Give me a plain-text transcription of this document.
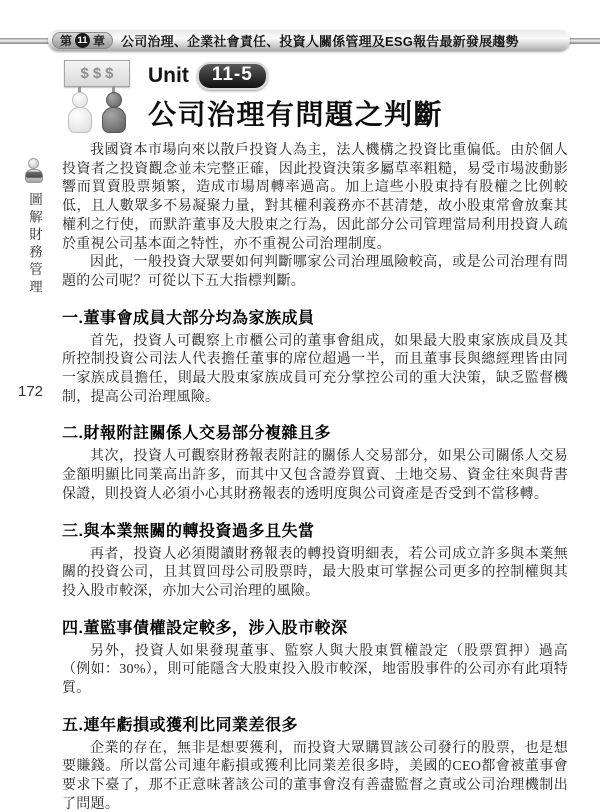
第 11 章 公司治理、企業社會責任、投資人關係管理及ESG報告最新發展趨勢
圖解財務管理
172
$$$	Unit	11-5
公司治理有問題之判斷

我國資本市場向來以散戶投資人為主，法人機構之投資比重偏低。由於個人投資者之投資觀念並未完整正確，因此投資決策多屬草率粗糙，易受市場波動影響而買賣股票頻繁，造成市場周轉率過高。加上這些小股東持有股權之比例較低，且人數眾多不易凝聚力量，對其權利義務亦不甚清楚，故小股東常會放棄其權利之行使，而默許董事及大股東之行為，因此部分公司管理當局利用投資人疏於重視公司基本面之特性，亦不重視公司治理制度。

因此，一般投資大眾要如何判斷哪家公司治理風險較高，或是公司治理有問題的公司呢？可從以下五大指標判斷。

一.董事會成員大部分均為家族成員

首先，投資人可觀察上市櫃公司的董事會組成，如果最大股東家族成員及其所控制投資公司法人代表擔任董事的席位超過一半，而且董事長與總經理皆由同一家族成員擔任，則最大股東家族成員可充分掌控公司的重大決策，缺乏監督機制，提高公司治理風險。

二.財報附註關係人交易部分複雜且多

其次，投資人可觀察財務報表附註的關係人交易部分，如果公司關係人交易金額明顯比同業高出許多，而其中又包含證券買賣、土地交易、資金往來與背書保證，則投資人必須小心其財務報表的透明度與公司資產是否受到不當移轉。

三.與本業無關的轉投資過多且失當

再者，投資人必須閱讀財務報表的轉投資明細表，若公司成立許多與本業無關的投資公司，且其買回母公司股票時，最大股東可掌握公司更多的控制權與其投入股市較深，亦加大公司治理的風險。

四.董監事債權設定較多，涉入股市較深

另外，投資人如果發現董事、監察人與大股東質權設定（股票質押）過高（例如：30%），則可能隱含大股東投入股市較深，地雷股事件的公司亦有此項特質。

五.連年虧損或獲利比同業差很多

企業的存在，無非是想要獲利，而投資大眾購買該公司發行的股票，也是想要賺錢。所以當公司連年虧損或獲利比同業差很多時，美國的CEO都會被董事會要求下臺了，那不正意味著該公司的董事會沒有善盡監督之責或公司治理機制出了問題。
